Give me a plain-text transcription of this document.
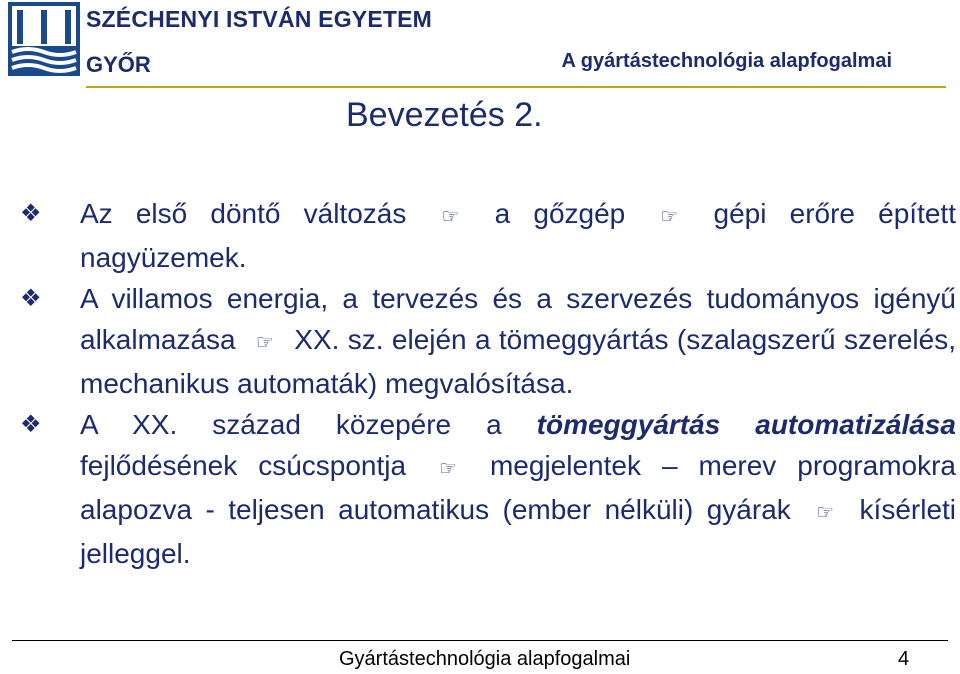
SZÉCHENYI ISTVÁN EGYETEM
GYŐR	A gyártástechnológia alapfogalmai
Bevezetés 2.
❖	Az első döntő változás ☞ a gőzgép ☞ gépi erőre épített nagyüzemek.
❖	A villamos energia, a tervezés és a szervezés tudományos igényű alkalmazása ☞ XX. sz. elején a tömeggyártás (szalagszerű szerelés, mechanikus automaták) megvalósítása.
❖	A XX. század közepére a tömeggyártás automatizálása fejlődésének csúcspontja ☞ megjelentek – merev programokra alapozva - teljesen automatikus (ember nélküli) gyárak ☞ kísérleti jelleggel.
Gyártástechnológia alapfogalmai	4
